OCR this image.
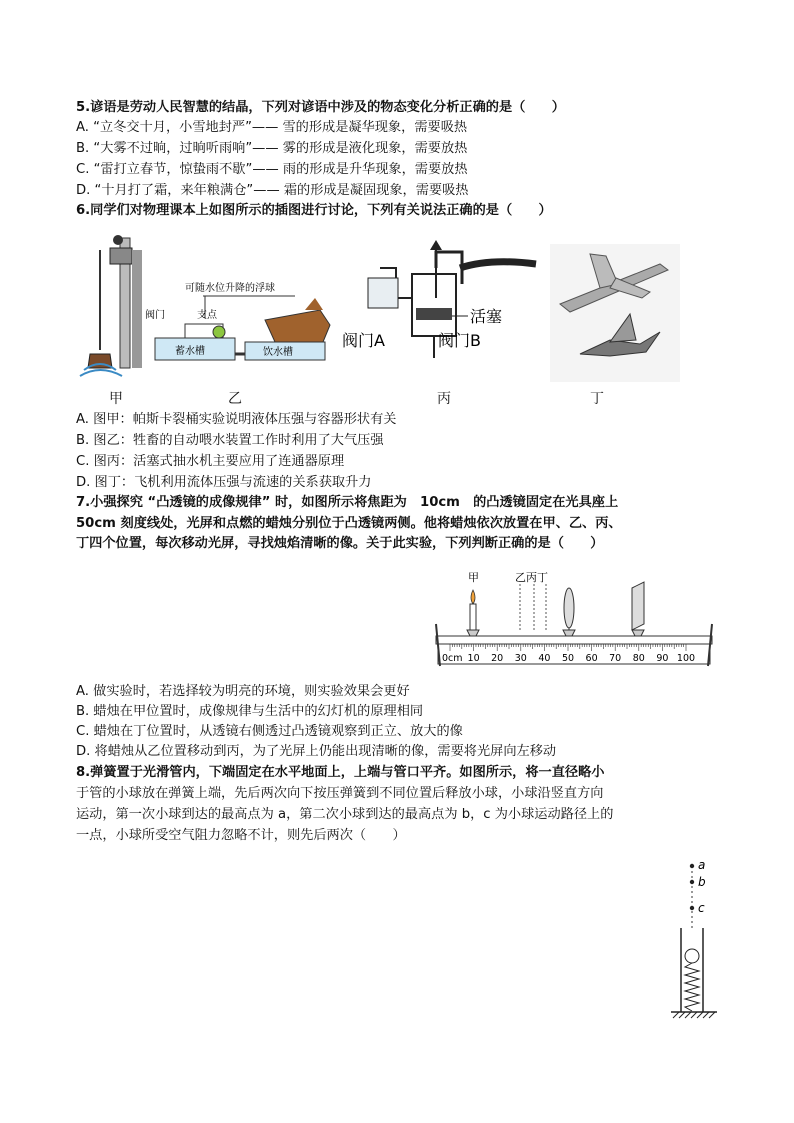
5.谚语是劳动人民智慧的结晶，下列对谚语中涉及的物态变化分析正确的是（　　）
A. “立冬交十月，小雪地封严”—— 雪的形成是凝华现象，需要吸热
B. “大雾不过晌，过晌听雨响”—— 雾的形成是液化现象，需要放热
C. “雷打立春节，惊蛰雨不歇”—— 雨的形成是升华现象，需要放热
D. “十月打了霜，来年粮满仓”—— 霜的形成是凝固现象，需要吸热
6.同学们对物理课本上如图所示的插图进行讨论，下列有关说法正确的是（　　）
可随水位升降的浮球
阀门	支点
蓄水槽	饮水槽
活塞
阀门A	阀门B
甲	乙	丙	丁
A. 图甲：帕斯卡裂桶实验说明液体压强与容器形状有关
B. 图乙：牲畜的自动喂水装置工作时利用了大气压强
C. 图丙：活塞式抽水机主要应用了连通器原理
D. 图丁：飞机利用流体压强与流速的关系获取升力
7.小强探究 “凸透镜的成像规律” 时，如图所示将焦距为　10cm　的凸透镜固定在光具座上
50cm 刻度线处，光屏和点燃的蜡烛分别位于凸透镜两侧。他将蜡烛依次放置在甲、乙、丙、
丁四个位置，每次移动光屏，寻找烛焰清晰的像。关于此实验，下列判断正确的是（　　）
甲	乙丙丁
0cm 10 20 30 40 50 60 70 80 90 100
A. 做实验时，若选择较为明亮的环境，则实验效果会更好
B. 蜡烛在甲位置时，成像规律与生活中的幻灯机的原理相同
C. 蜡烛在丁位置时，从透镜右侧透过凸透镜观察到正立、放大的像
D. 将蜡烛从乙位置移动到丙，为了光屏上仍能出现清晰的像，需要将光屏向左移动
8.弹簧置于光滑管内，下端固定在水平地面上，上端与管口平齐。如图所示，将一直径略小
于管的小球放在弹簧上端，先后两次向下按压弹簧到不同位置后释放小球，小球沿竖直方向
运动，第一次小球到达的最高点为 a，第二次小球到达的最高点为 b，c 为小球运动路径上的
一点，小球所受空气阻力忽略不计，则先后两次（　　）
a
b
c
